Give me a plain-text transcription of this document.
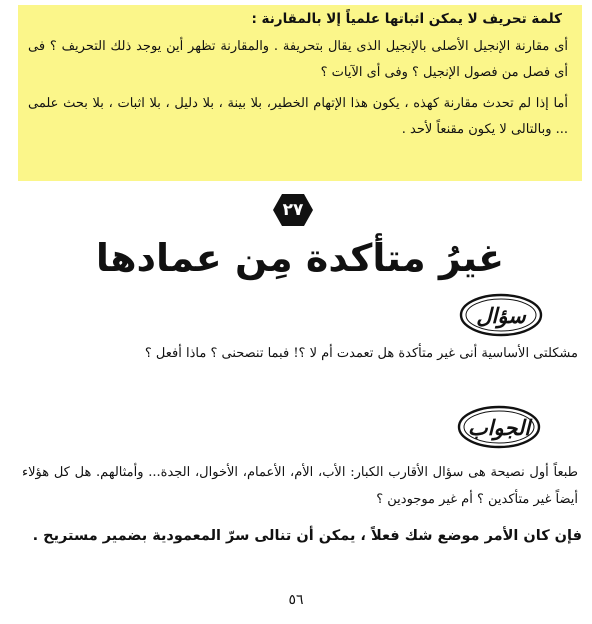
كلمة تحريف لا يمكن اثباتها علمياً إلا بالمقارنة :

أى مقارنة الإنجيل الأصلى بالإنجيل الذى يقال بتحريفة . والمقارنة تظهر أين يوجد ذلك التحريف ؟ فى أى فصل من فصول الإنجيل ؟ وفى أى الآيات ؟

أما إذا لم تحدث مقارنة كهذه ، يكون هذا الإتهام الخطير، بلا بينة ، بلا دليل ، بلا اثبات ، بلا بحث علمى ... وبالتالى لا يكون مقنعاً لأحد .

٢٧
غيرُ متأكدة مِن عمادها
سؤال
مشكلتى الأساسية أنى غير متأكدة هل تعمدت أم لا ؟! فبما تنصحنى ؟ ماذا أفعل ؟
الجواب
طبعاً أول نصيحة هى سؤال الأقارب الكبار: الأب، الأم، الأعمام، الأخوال، الجدة... وأمثالهم. هل كل هؤلاء أيضاً غير متأكدين ؟ أم غير موجودين ؟
فإن كان الأمر موضع شك فعلاً ، يمكن أن تنالى سرّ المعمودية بضمير مستريح .
٥٦
